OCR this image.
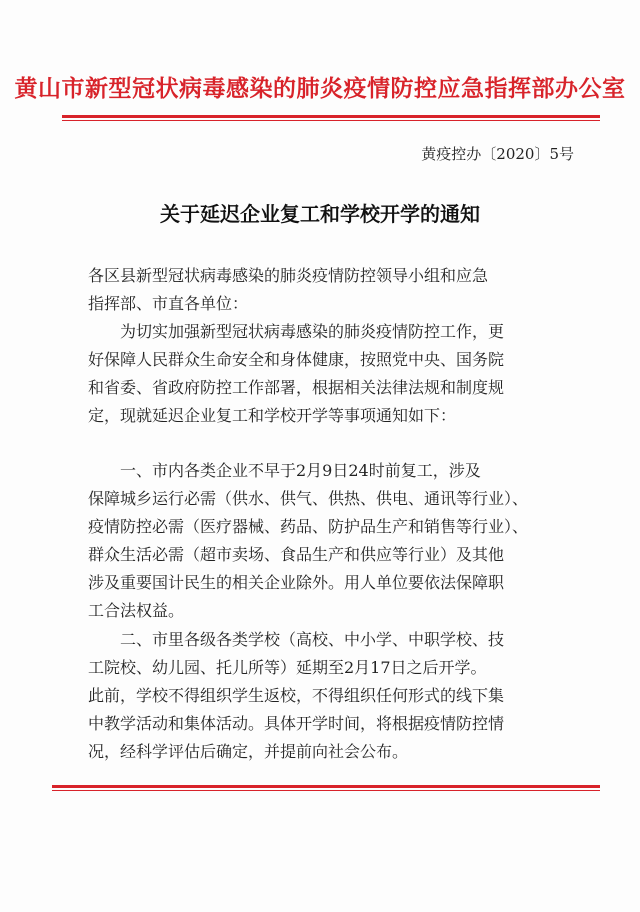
黄山市新型冠状病毒感染的肺炎疫情防控应急指挥部办公室
黄疫控办〔2020〕5号
关于延迟企业复工和学校开学的通知
各区县新型冠状病毒感染的肺炎疫情防控领导小组和应急
指挥部、市直各单位：
　　为切实加强新型冠状病毒感染的肺炎疫情防控工作，更
好保障人民群众生命安全和身体健康，按照党中央、国务院
和省委、省政府防控工作部署，根据相关法律法规和制度规
定，现就延迟企业复工和学校开学等事项通知如下：
　　一、市内各类企业不早于2月9日24时前复工，涉及
保障城乡运行必需（供水、供气、供热、供电、通讯等行业）、
疫情防控必需（医疗器械、药品、防护品生产和销售等行业）、
群众生活必需（超市卖场、食品生产和供应等行业）及其他
涉及重要国计民生的相关企业除外。用人单位要依法保障职
工合法权益。
　　二、市里各级各类学校（高校、中小学、中职学校、技
工院校、幼儿园、托儿所等）延期至2月17日之后开学。
此前，学校不得组织学生返校，不得组织任何形式的线下集
中教学活动和集体活动。具体开学时间，将根据疫情防控情
况，经科学评估后确定，并提前向社会公布。
